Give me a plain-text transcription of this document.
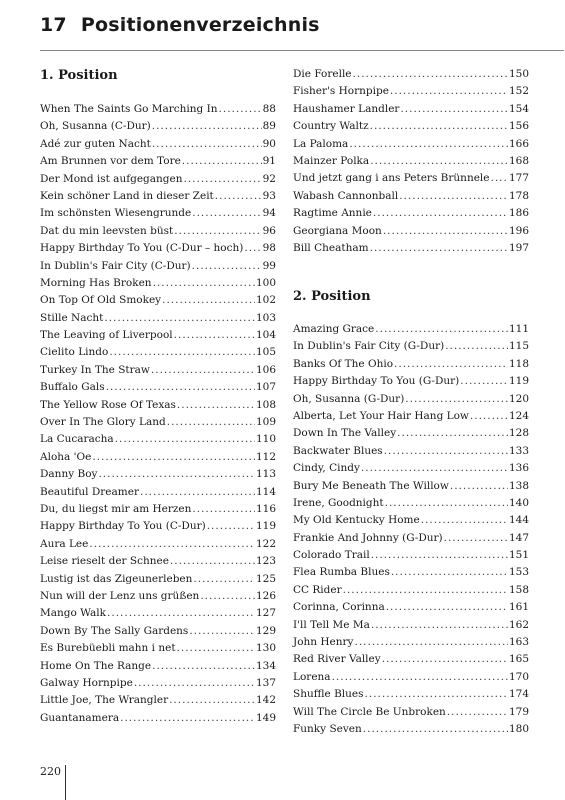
17 Positionenverzeichnis
1. Position
When The Saints Go Marching In .....	88
Oh, Susanna (C-Dur) .....	89
Adé zur guten Nacht .....	90
Am Brunnen vor dem Tore .....	91
Der Mond ist aufgegangen .....	92
Kein schöner Land in dieser Zeit .....	93
Im schönsten Wiesengrunde .....	94
Dat du min leevsten büst .....	96
Happy Birthday To You (C-Dur – hoch) ..... 98
In Dublin's Fair City (C-Dur) .....	99
Morning Has Broken .....	100
On Top Of Old Smokey .....	102
Stille Nacht .....	103
The Leaving of Liverpool .....	104
Cielito Lindo .....	105
Turkey In The Straw .....	106
Buffalo Gals .....	107
The Yellow Rose Of Texas .....	108
Over In The Glory Land .....	109
La Cucaracha .....	110
Aloha 'Oe .....	112
Danny Boy .....	113
Beautiful Dreamer .....	114
Du, du liegst mir am Herzen .....	116
Happy Birthday To You (C-Dur) .....	119
Aura Lee .....	122
Leise rieselt der Schnee .....	123
Lustig ist das Zigeunerleben .....	125
Nun will der Lenz uns grüßen .....	126
Mango Walk .....	127
Down By The Sally Gardens .....	129
Es Burebüebli mahn i net .....	130
Home On The Range .....	134
Galway Hornpipe .....	137
Little Joe, The Wrangler .....	142
Guantanamera .....	149
Die Forelle .....	150
Fisher's Hornpipe .....	152
Haushamer Landler .....	154
Country Waltz .....	156
La Paloma .....	166
Mainzer Polka .....	168
Und jetzt gang i ans Peters Brünnele ..... 177
Wabash Cannonball .....	178
Ragtime Annie .....	186
Georgiana Moon .....	196
Bill Cheatham .....	197
2. Position
Amazing Grace .....	111
In Dublin's Fair City (G-Dur) .....	115
Banks Of The Ohio .....	118
Happy Birthday To You (G-Dur) .....	119
Oh, Susanna (G-Dur) .....	120
Alberta, Let Your Hair Hang Low .....	124
Down In The Valley .....	128
Backwater Blues .....	133
Cindy, Cindy .....	136
Bury Me Beneath The Willow .....	138
Irene, Goodnight .....	140
My Old Kentucky Home .....	144
Frankie And Johnny (G-Dur) .....	147
Colorado Trail .....	151
Flea Rumba Blues .....	153
CC Rider .....	158
Corinna, Corinna .....	161
I'll Tell Me Ma .....	162
John Henry .....	163
Red River Valley .....	165
Lorena .....	170
Shuffle Blues .....	174
Will The Circle Be Unbroken .....	179
Funky Seven .....	180
220
